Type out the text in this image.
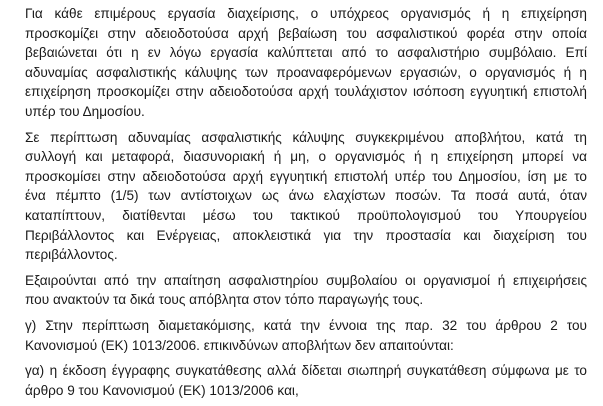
Για κάθε επιμέρους εργασία διαχείρισης, ο υπόχρεος οργανισμός ή η επιχείρηση
προσκομίζει στην αδειοδοτούσα αρχή βεβαίωση του ασφαλιστικού φορέα στην οποία
βεβαιώνεται ότι η εν λόγω εργασία καλύπτεται από το ασφαλιστήριο συμβόλαιο. Επί
αδυναμίας ασφαλιστικής κάλυψης των προαναφερόμενων εργασιών, ο οργανισμός ή η
επιχείρηση προσκομίζει στην αδειοδοτούσα αρχή τουλάχιστον ισόποση εγγυητική επιστολή
υπέρ του Δημοσίου.

Σε περίπτωση αδυναμίας ασφαλιστικής κάλυψης συγκεκριμένου αποβλήτου, κατά τη
συλλογή και μεταφορά, διασυνοριακή ή μη, ο οργανισμός ή η επιχείρηση μπορεί να
προσκομίσει στην αδειοδοτούσα αρχή εγγυητική επιστολή υπέρ του Δημοσίου, ίση με το
ένα πέμπτο (1/5) των αντίστοιχων ως άνω ελαχίστων ποσών. Τα ποσά αυτά, όταν
καταπίπτουν, διατίθενται μέσω του τακτικού προϋπολογισμού του Υπουργείου
Περιβάλλοντος και Ενέργειας, αποκλειστικά για την προστασία και διαχείριση του
περιβάλλοντος.

Εξαιρούνται από την απαίτηση ασφαλιστηρίου συμβολαίου οι οργανισμοί ή επιχειρήσεις
που ανακτούν τα δικά τους απόβλητα στον τόπο παραγωγής τους.

γ) Στην περίπτωση διαμετακόμισης, κατά την έννοια της παρ. 32 του άρθρου 2 του
Κανονισμού (ΕΚ) 1013/2006. επικινδύνων αποβλήτων δεν απαιτούνται:

γα) η έκδοση έγγραφης συγκατάθεσης αλλά δίδεται σιωπηρή συγκατάθεση σύμφωνα με το
άρθρο 9 του Κανονισμού (ΕΚ) 1013/2006 και,
